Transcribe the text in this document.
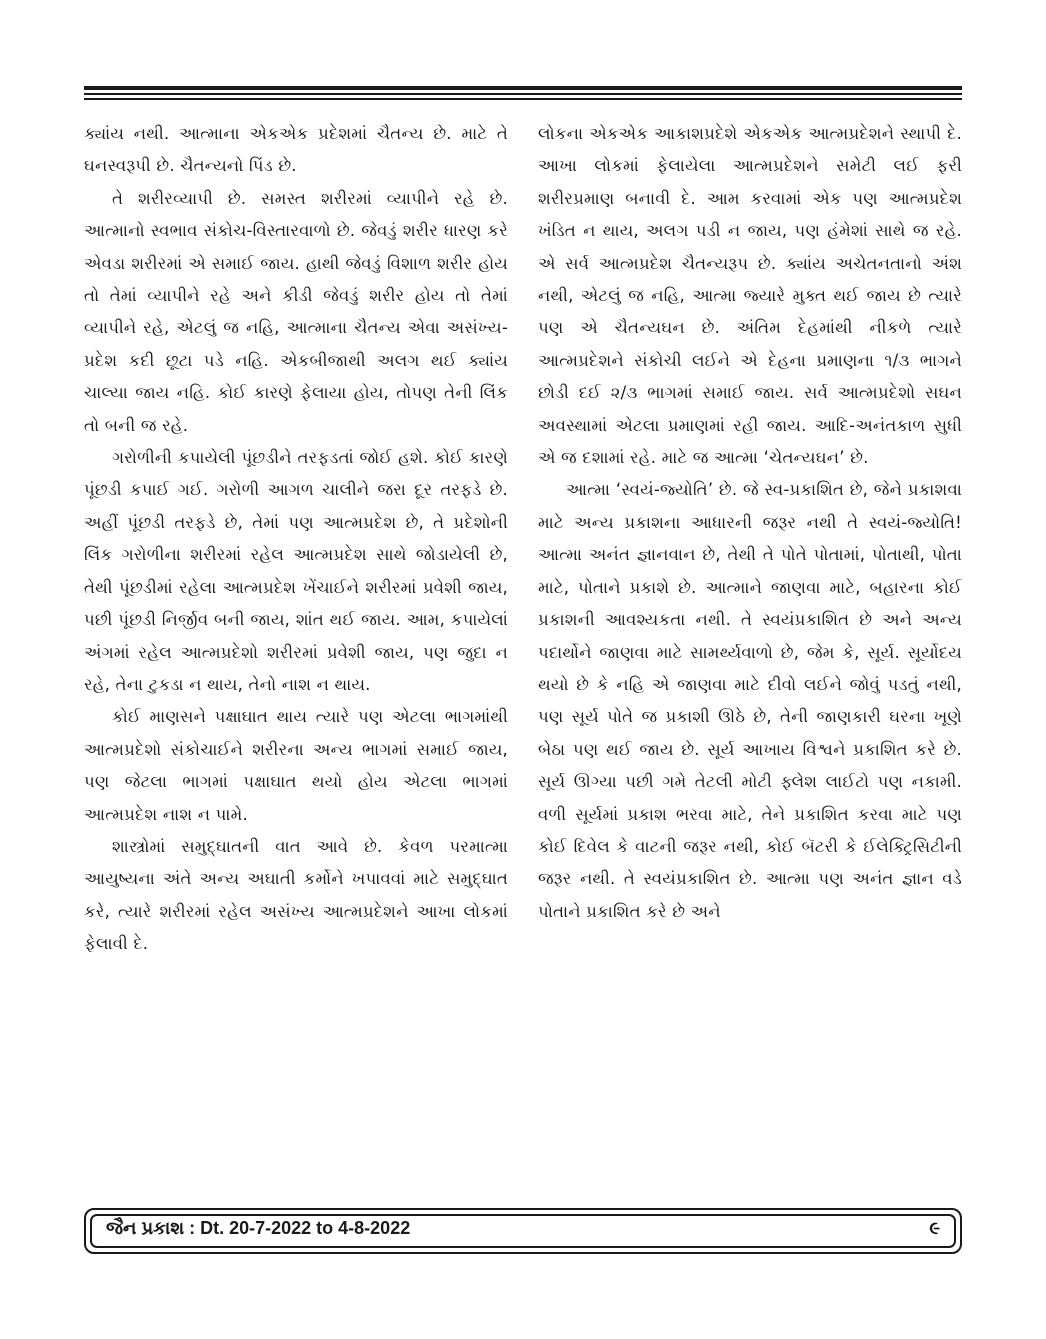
ક્યાંય નથી. આત્માના એકએક પ્રદેશમાં ચૈતન્ય છે. માટે તે ઘનસ્વરૂપી છે. ચૈતન્યનો પિંડ છે.

તે શરીરવ્યાપી છે. સમસ્ત શરીરમાં વ્યાપીને રહે છે. આત્માનો સ્વભાવ સંકોચ-વિસ્તારવાળો છે. જેવડું શરીર ધારણ કરે એવડા શરીરમાં એ સમાઈ જાય. હાથી જેવડું વિશાળ શરીર હોય તો તેમાં વ્યાપીને રહે અને કીડી જેવડું શરીર હોય તો તેમાં વ્યાપીને રહે, એટલું જ નહિ, આત્માના ચૈતન્ય એવા અસંખ્ય-પ્રદેશ કદી છૂટા પડે નહિ. એકબીજાથી અલગ થઈ ક્યાંય ચાલ્યા જાય નહિ. કોઈ કારણે ફેલાયા હોય, તોપણ તેની લિંક તો બની જ રહે.

ગરોળીની કપાયેલી પૂંછડીને તરફડતાં જોઈ હશે. કોઈ કારણે પૂંછડી કપાઈ ગઈ. ગરોળી આગળ ચાલીને જરા દૂર તરફડે છે. અહીં પૂંછડી તરફડે છે, તેમાં પણ આત્મપ્રદેશ છે, તે પ્રદેશોની લિંક ગરોળીના શરીરમાં રહેલ આત્મપ્રદેશ સાથે જોડાયેલી છે, તેથી પૂંછડીમાં રહેલા આત્મપ્રદેશ ખેંચાઈને શરીરમાં પ્રવેશી જાય, પછી પૂંછડી નિર્જીવ બની જાય, શાંત થઈ જાય. આમ, કપાયેલાં અંગમાં રહેલ આત્મપ્રદેશો શરીરમાં પ્રવેશી જાય, પણ જુદા ન રહે, તેના ટુકડા ન થાય, તેનો નાશ ન થાય.

કોઈ માણસને પક્ષાઘાત થાય ત્યારે પણ એટલા ભાગમાંથી આત્મપ્રદેશો સંકોચાઈને શરીરના અન્ય ભાગમાં સમાઈ જાય, પણ જેટલા ભાગમાં પક્ષાઘાત થયો હોય એટલા ભાગમાં આત્મપ્રદેશ નાશ ન પામે.

શાસ્ત્રોમાં સમુદ્ઘાતની વાત આવે છે. કેવળ પરમાત્મા આયુષ્યના અંતે અન્ય અઘાતી કર્મોને ખપાવવાં માટે સમુદ્ઘાત કરે, ત્યારે શરીરમાં રહેલ અસંખ્ય આત્મપ્રદેશને આખા લોકમાં ફેલાવી દે.

લોકના એકએક આકાશપ્રદેશે એકએક આત્મપ્રદેશને સ્થાપી દે. આખા લોકમાં ફેલાયેલા આત્મપ્રદેશને સમેટી લઈ ફરી શરીરપ્રમાણ બનાવી દે. આમ કરવામાં એક પણ આત્મપ્રદેશ ખંડિત ન થાય, અલગ પડી ન જાય, પણ હંમેશાં સાથે જ રહે. એ સર્વ આત્મપ્રદેશ ચૈતન્યરૂપ છે. ક્યાંય અચેતનતાનો અંશ નથી, એટલું જ નહિ, આત્મા જ્યારે મુક્ત થઈ જાય છે ત્યારે પણ એ ચૈતન્યઘન છે. અંતિમ દેહમાંથી નીકળે ત્યારે આત્મપ્રદેશને સંકોચી લઈને એ દેહના પ્રમાણના ૧/૩ ભાગને છોડી દઈ ૨/૩ ભાગમાં સમાઈ જાય. સર્વ આત્મપ્રદેશો સઘન અવસ્થામાં એટલા પ્રમાણમાં રહી જાય. આદિ-અનંતકાળ સુધી એ જ દશામાં રહે. માટે જ આત્મા ‘ચેતન્યઘન’ છે.

આત્મા ‘સ્વયં-જ્યોતિ’ છે. જે સ્વ-પ્રકાશિત છે, જેને પ્રકાશવા માટે અન્ય પ્રકાશના આધારની જરૂર નથી તે સ્વયં-જ્યોતિ! આત્મા અનંત જ્ઞાનવાન છે, તેથી તે પોતે પોતામાં, પોતાથી, પોતા માટે, પોતાને પ્રકાશે છે. આત્માને જાણવા માટે, બહારના કોઈ પ્રકાશની આવશ્યકતા નથી. તે સ્વયંપ્રકાશિત છે અને અન્ય પદાર્થોને જાણવા માટે સામર્થ્યવાળો છે, જેમ કે, સૂર્ય. સૂર્યોદય થયો છે કે નહિ એ જાણવા માટે દીવો લઈને જોવું પડતું નથી, પણ સૂર્ય પોતે જ પ્રકાશી ઊઠે છે, તેની જાણકારી ઘરના ખૂણે બેઠા પણ થઈ જાય છે. સૂર્ય આખાય વિશ્વને પ્રકાશિત કરે છે. સૂર્ય ઊગ્યા પછી ગમે તેટલી મોટી ફ્લેશ લાઈટો પણ નકામી. વળી સૂર્યમાં પ્રકાશ ભરવા માટે, તેને પ્રકાશિત કરવા માટે પણ કોઈ દિવેલ કે વાટની જરૂર નથી, કોઈ બૅટરી કે ઈલેક્ટ્રિસિટીની જરૂર નથી. તે સ્વયંપ્રકાશિત છે. આત્મા પણ અનંત જ્ઞાન વડે પોતાને પ્રકાશિત કરે છે અને

જૈન પ્રકાશ : Dt. 20-7-2022 to 4-8-2022	૯
